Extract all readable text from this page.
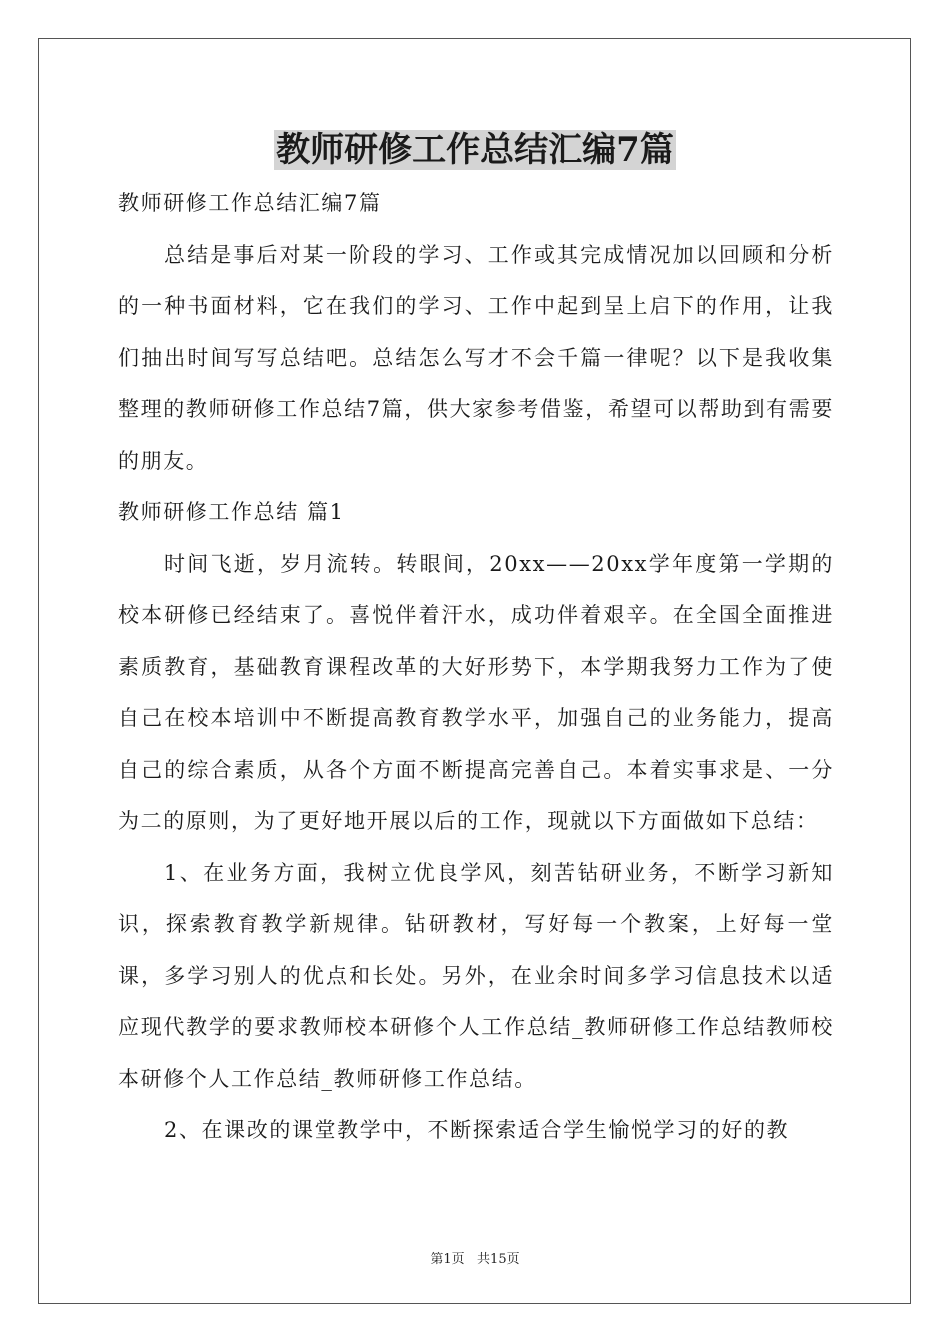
教师研修工作总结汇编7篇

教师研修工作总结汇编7篇

总结是事后对某一阶段的学习、工作或其完成情况加以回顾和分析的一种书面材料，它在我们的学习、工作中起到呈上启下的作用，让我们抽出时间写写总结吧。总结怎么写才不会千篇一律呢？以下是我收集整理的教师研修工作总结7篇，供大家参考借鉴，希望可以帮助到有需要的朋友。

教师研修工作总结 篇1

时间飞逝，岁月流转。转眼间，20xx——20xx学年度第一学期的校本研修已经结束了。喜悦伴着汗水，成功伴着艰辛。在全国全面推进素质教育，基础教育课程改革的大好形势下，本学期我努力工作为了使自己在校本培训中不断提高教育教学水平，加强自己的业务能力，提高自己的综合素质，从各个方面不断提高完善自己。本着实事求是、一分为二的原则，为了更好地开展以后的工作，现就以下方面做如下总结：

1、在业务方面，我树立优良学风，刻苦钻研业务，不断学习新知识，探索教育教学新规律。钻研教材，写好每一个教案，上好每一堂课，多学习别人的优点和长处。另外，在业余时间多学习信息技术以适应现代教学的要求教师校本研修个人工作总结_教师研修工作总结教师校本研修个人工作总结_教师研修工作总结。

2、在课改的课堂教学中，不断探索适合学生愉悦学习的好的教

第1页   共15页
